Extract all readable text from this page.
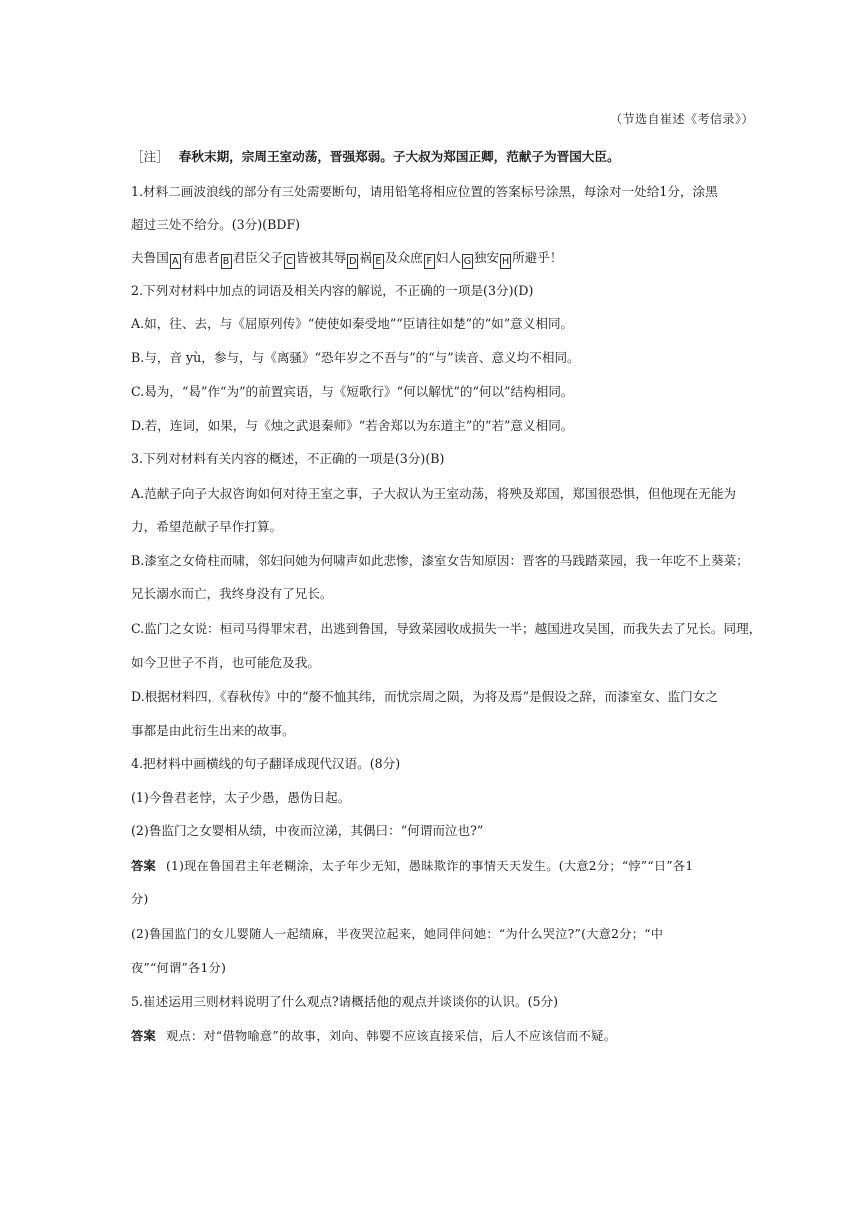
（节选自崔述《考信录》）
［注］ 春秋末期，宗周王室动荡，晋强郑弱。子大叔为郑国正卿，范献子为晋国大臣。
1.材料二画波浪线的部分有三处需要断句，请用铅笔将相应位置的答案标号涂黑，每涂对一处给1分，涂黑
超过三处不给分。(3分)(BDF)
夫鲁国 A 有患者 B 君臣父子 C 皆被其辱 D 祸 E 及众庶 F 妇人 G 独安 H 所避乎！
2.下列对材料中加点的词语及相关内容的解说，不正确的一项是(3分)(D)
A.如，往、去，与《屈原列传》“使使如秦受地”“臣请往如楚”的“如”意义相同。
B.与，音 yù，参与，与《离骚》“恐年岁之不吾与”的“与”读音、意义均不相同。
C.曷为，“曷”作“为”的前置宾语，与《短歌行》“何以解忧”的“何以”结构相同。
D.若，连词，如果，与《烛之武退秦师》“若舍郑以为东道主”的“若”意义相同。
3.下列对材料有关内容的概述，不正确的一项是(3分)(B)
A.范献子向子大叔咨询如何对待王室之事，子大叔认为王室动荡，将殃及郑国，郑国很恐惧，但他现在无能为
力，希望范献子早作打算。
B.漆室之女倚柱而啸，邻妇问她为何啸声如此悲惨，漆室女告知原因：晋客的马践踏菜园，我一年吃不上葵菜；
兄长溺水而亡，我终身没有了兄长。
C.监门之女说：桓司马得罪宋君，出逃到鲁国，导致菜园收成损失一半；越国进攻吴国，而我失去了兄长。同理，
如今卫世子不肖，也可能危及我。
D.根据材料四，《春秋传》中的“嫠不恤其纬，而忧宗周之陨，为将及焉”是假设之辞，而漆室女、监门女之
事都是由此衍生出来的故事。
4.把材料中画横线的句子翻译成现代汉语。(8分)
(1)今鲁君老悖，太子少愚，愚伪日起。
(2)鲁监门之女婴相从绩，中夜而泣涕，其偶曰：“何谓而泣也?”
答案 (1)现在鲁国君主年老糊涂，太子年少无知，愚昧欺诈的事情天天发生。(大意2分；“悖”“日”各1
分)
(2)鲁国监门的女儿婴随人一起绩麻，半夜哭泣起来，她同伴问她：“为什么哭泣?”(大意2分；“中
夜”“何谓”各1分)
5.崔述运用三则材料说明了什么观点?请概括他的观点并谈谈你的认识。(5分)
答案 观点：对“借物喻意”的故事，刘向、韩婴不应该直接采信，后人不应该信而不疑。
